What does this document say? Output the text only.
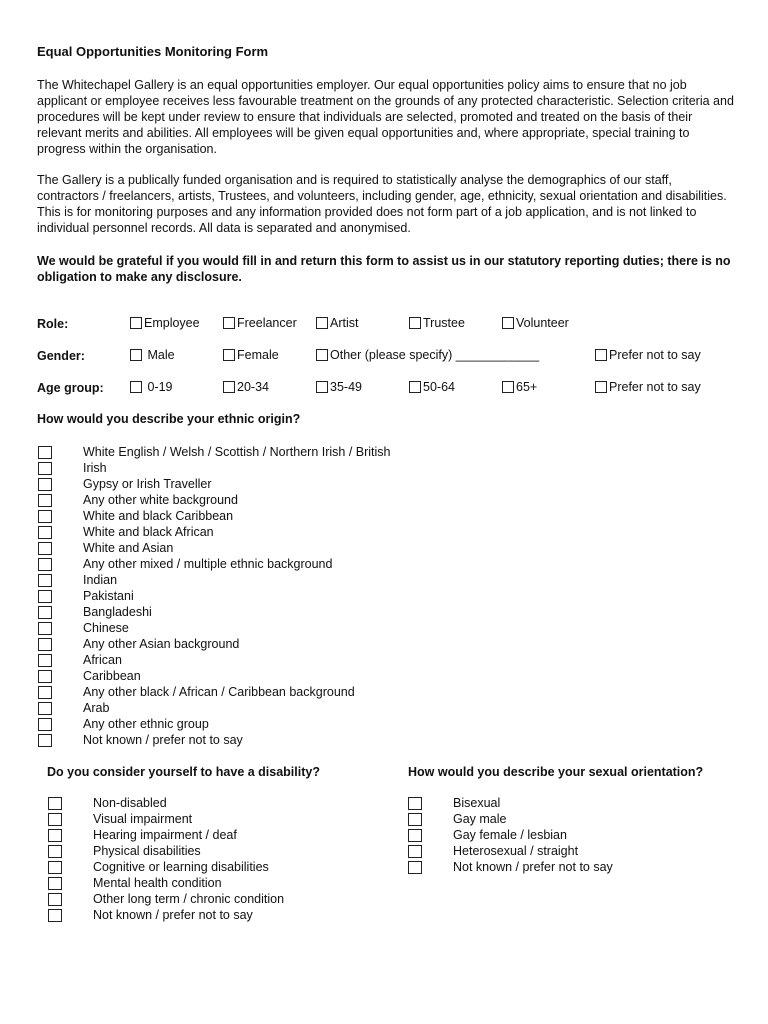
Equal Opportunities Monitoring Form

The Whitechapel Gallery is an equal opportunities employer. Our equal opportunities policy aims to ensure that no job applicant or employee receives less favourable treatment on the grounds of any protected characteristic. Selection criteria and procedures will be kept under review to ensure that individuals are selected, promoted and treated on the basis of their relevant merits and abilities. All employees will be given equal opportunities and, where appropriate, special training to progress within the organisation.

The Gallery is a publically funded organisation and is required to statistically analyse the demographics of our staff, contractors / freelancers, artists, Trustees, and volunteers, including gender, age, ethnicity, sexual orientation and disabilities. This is for monitoring purposes and any information provided does not form part of a job application, and is not linked to individual personnel records. All data is separated and anonymised.

We would be grateful if you would fill in and return this form to assist us in our statutory reporting duties; there is no obligation to make any disclosure.

Role:	Employee	Freelancer	Artist	Trustee	Volunteer
Gender:	Male	Female	Other (please specify) ____________	Prefer not to say
Age group:	0-19	20-34	35-49	50-64	65+	Prefer not to say
How would you describe your ethnic origin?
White English / Welsh / Scottish / Northern Irish / British
Irish
Gypsy or Irish Traveller
Any other white background
White and black Caribbean
White and black African
White and Asian
Any other mixed / multiple ethnic background
Indian
Pakistani
Bangladeshi
Chinese
Any other Asian background
African
Caribbean
Any other black / African / Caribbean background
Arab
Any other ethnic group
Not known / prefer not to say
Do you consider yourself to have a disability?
Non-disabled
Visual impairment
Hearing impairment / deaf
Physical disabilities
Cognitive or learning disabilities
Mental health condition
Other long term / chronic condition
Not known / prefer not to say
How would you describe your sexual orientation?
Bisexual
Gay male
Gay female / lesbian
Heterosexual / straight
Not known / prefer not to say
